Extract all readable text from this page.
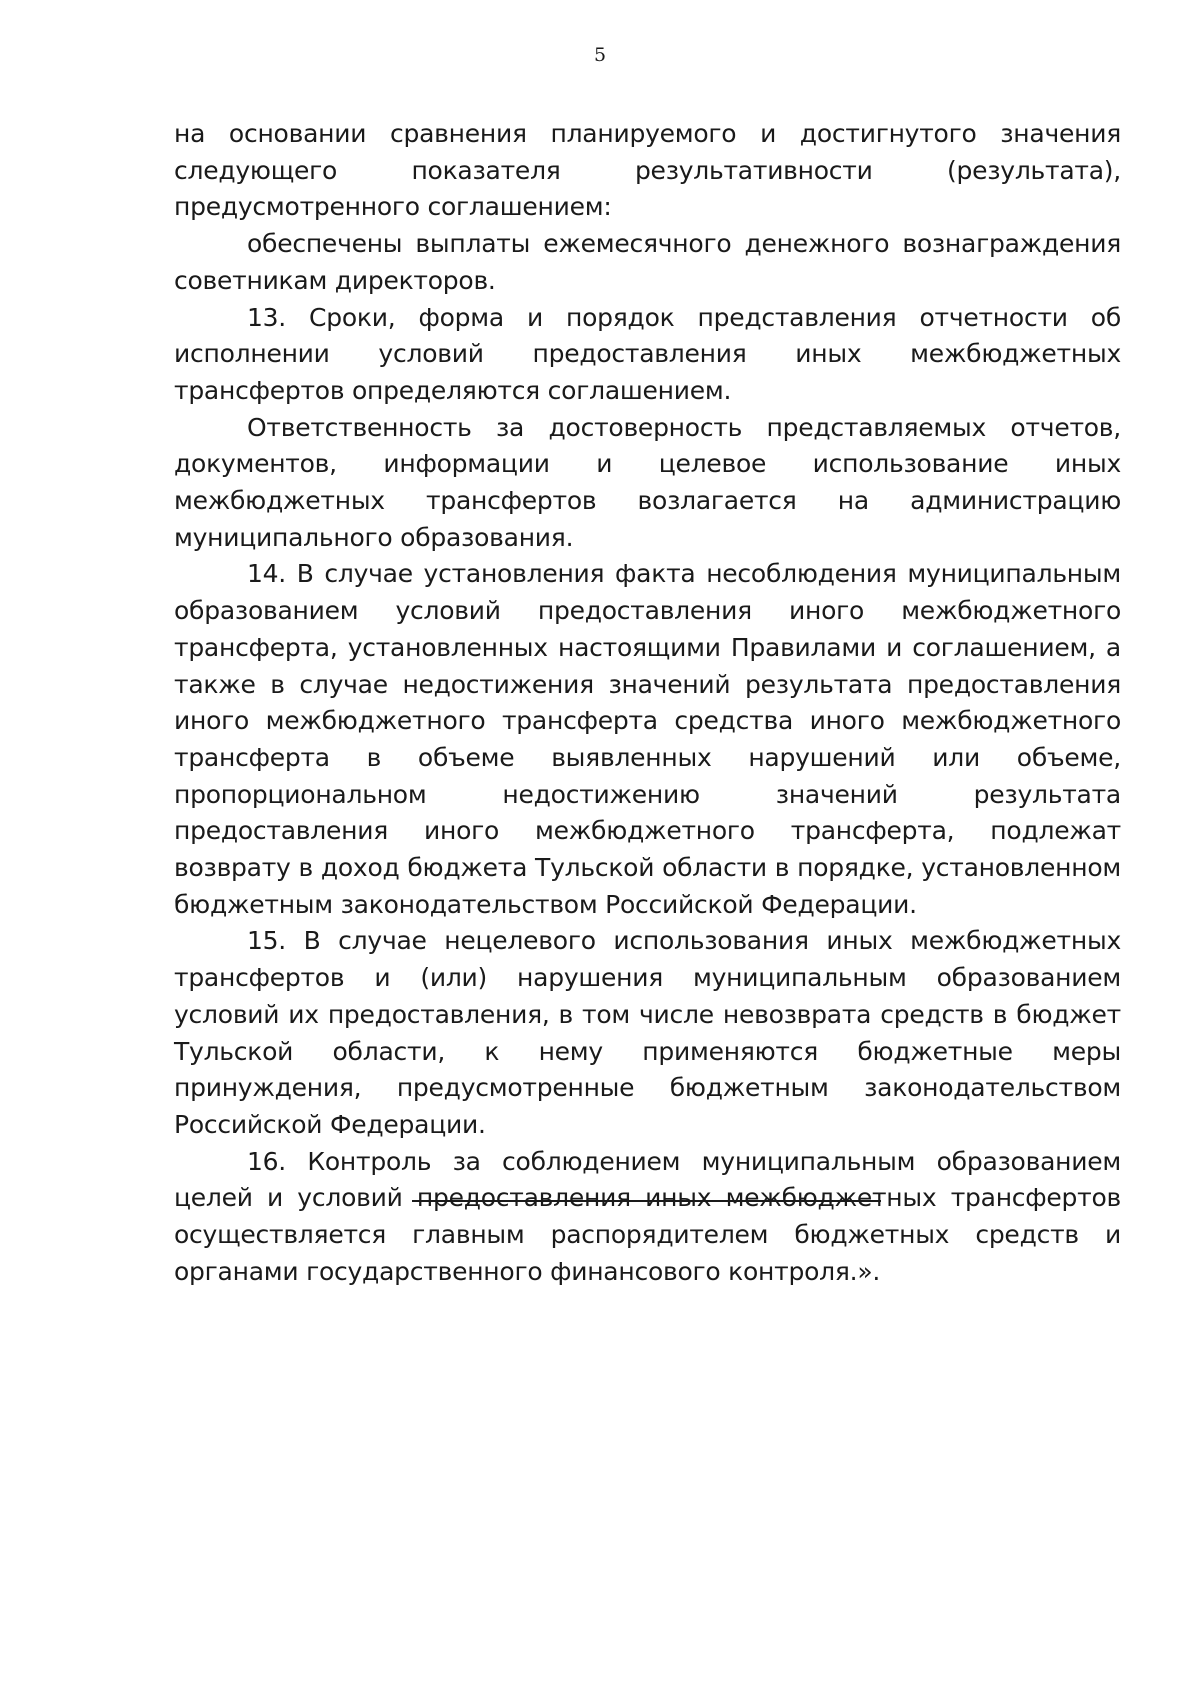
5

на основании сравнения планируемого и достигнутого значения следующего показателя результативности (результата), предусмотренного соглашением:

обеспечены выплаты ежемесячного денежного вознаграждения советникам директоров.

13. Сроки, форма и порядок представления отчетности об исполнении условий предоставления иных межбюджетных трансфертов определяются соглашением.

Ответственность за достоверность представляемых отчетов, документов, информации и целевое использование иных межбюджетных трансфертов возлагается на администрацию муниципального образования.

14. В случае установления факта несоблюдения муниципальным образованием условий предоставления иного межбюджетного трансферта, установленных настоящими Правилами и соглашением, а также в случае недостижения значений результата предоставления иного межбюджетного трансферта средства иного межбюджетного трансферта в объеме выявленных нарушений или объеме, пропорциональном недостижению значений результата предоставления иного межбюджетного трансферта, подлежат возврату в доход бюджета Тульской области в порядке, установленном бюджетным законодательством Российской Федерации.

15. В случае нецелевого использования иных межбюджетных трансфертов и (или) нарушения муниципальным образованием условий их предоставления, в том числе невозврата средств в бюджет Тульской области, к нему применяются бюджетные меры принуждения, предусмотренные бюджетным законодательством Российской Федерации.

16. Контроль за соблюдением муниципальным образованием целей и условий предоставления иных межбюджетных трансфертов осуществляется главным распорядителем бюджетных средств и органами государственного финансового контроля.».
